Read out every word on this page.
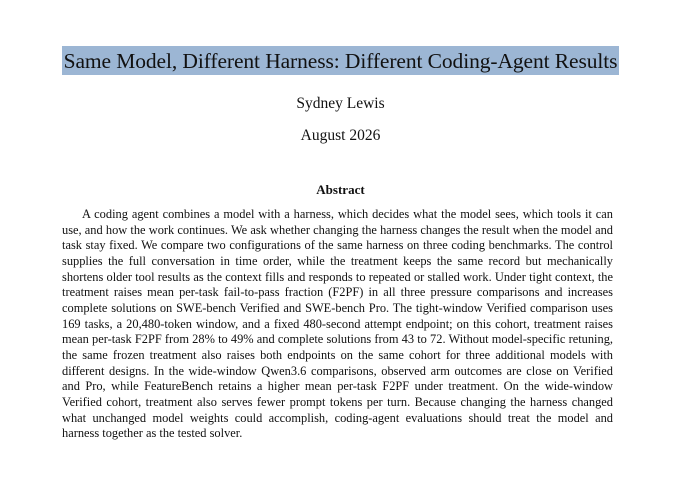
Same Model, Different Harness: Different Coding-Agent Results
Sydney Lewis
August 2026
Abstract
A coding agent combines a model with a harness, which decides what the model sees, which tools it can use, and how the work continues. We ask whether changing the harness changes the result when the model and task stay fixed. We compare two configurations of the same harness on three coding benchmarks. The control supplies the full conversation in time order, while the treatment keeps the same record but mechanically shortens older tool results as the context fills and responds to repeated or stalled work. Under tight context, the treatment raises mean per-task fail-to-pass fraction (F2PF) in all three pressure comparisons and increases complete solutions on SWE-bench Verified and SWE-bench Pro. The tight-window Verified comparison uses 169 tasks, a 20,480-token window, and a fixed 480-second attempt endpoint; on this cohort, treatment raises mean per-task F2PF from 28% to 49% and complete solutions from 43 to 72. Without model-specific retuning, the same frozen treatment also raises both endpoints on the same cohort for three additional models with different designs. In the wide-window Qwen3.6 comparisons, observed arm outcomes are close on Verified and Pro, while FeatureBench retains a higher mean per-task F2PF under treatment. On the wide-window Verified cohort, treatment also serves fewer prompt tokens per turn. Because changing the harness changed what unchanged model weights could accomplish, coding-agent evaluations should treat the model and harness together as the tested solver.
